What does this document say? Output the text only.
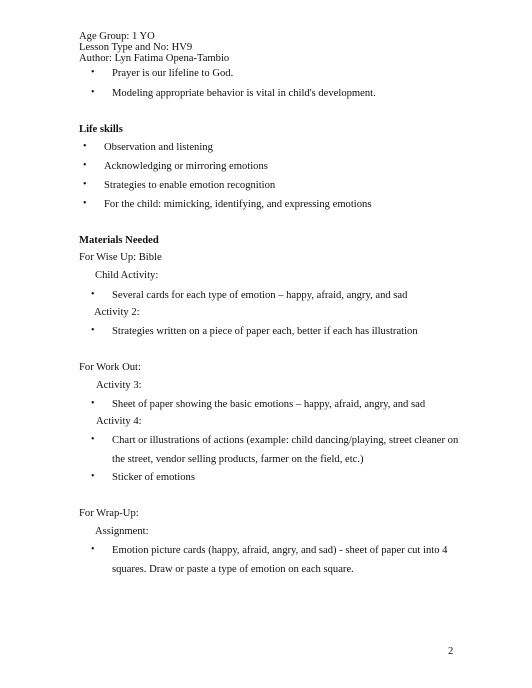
Age Group: 1 YO
Lesson Type and No: HV9
Author: Lyn Fatima Opena-Tambio
• Prayer is our lifeline to God.
• Modeling appropriate behavior is vital in child's development.
Life skills
• Observation and listening
• Acknowledging or mirroring emotions
• Strategies to enable emotion recognition
• For the child: mimicking, identifying, and expressing emotions
Materials Needed
For Wise Up: Bible
Child Activity:
• Several cards for each type of emotion – happy, afraid, angry, and sad
Activity 2:
• Strategies written on a piece of paper each, better if each has illustration
For Work Out:
Activity 3:
• Sheet of paper showing the basic emotions – happy, afraid, angry, and sad
Activity 4:
• Chart or illustrations of actions (example: child dancing/playing, street cleaner on
the street, vendor selling products, farmer on the field, etc.)
• Sticker of emotions
For Wrap-Up:
Assignment:
• Emotion picture cards (happy, afraid, angry, and sad) - sheet of paper cut into 4
squares. Draw or paste a type of emotion on each square.
2
